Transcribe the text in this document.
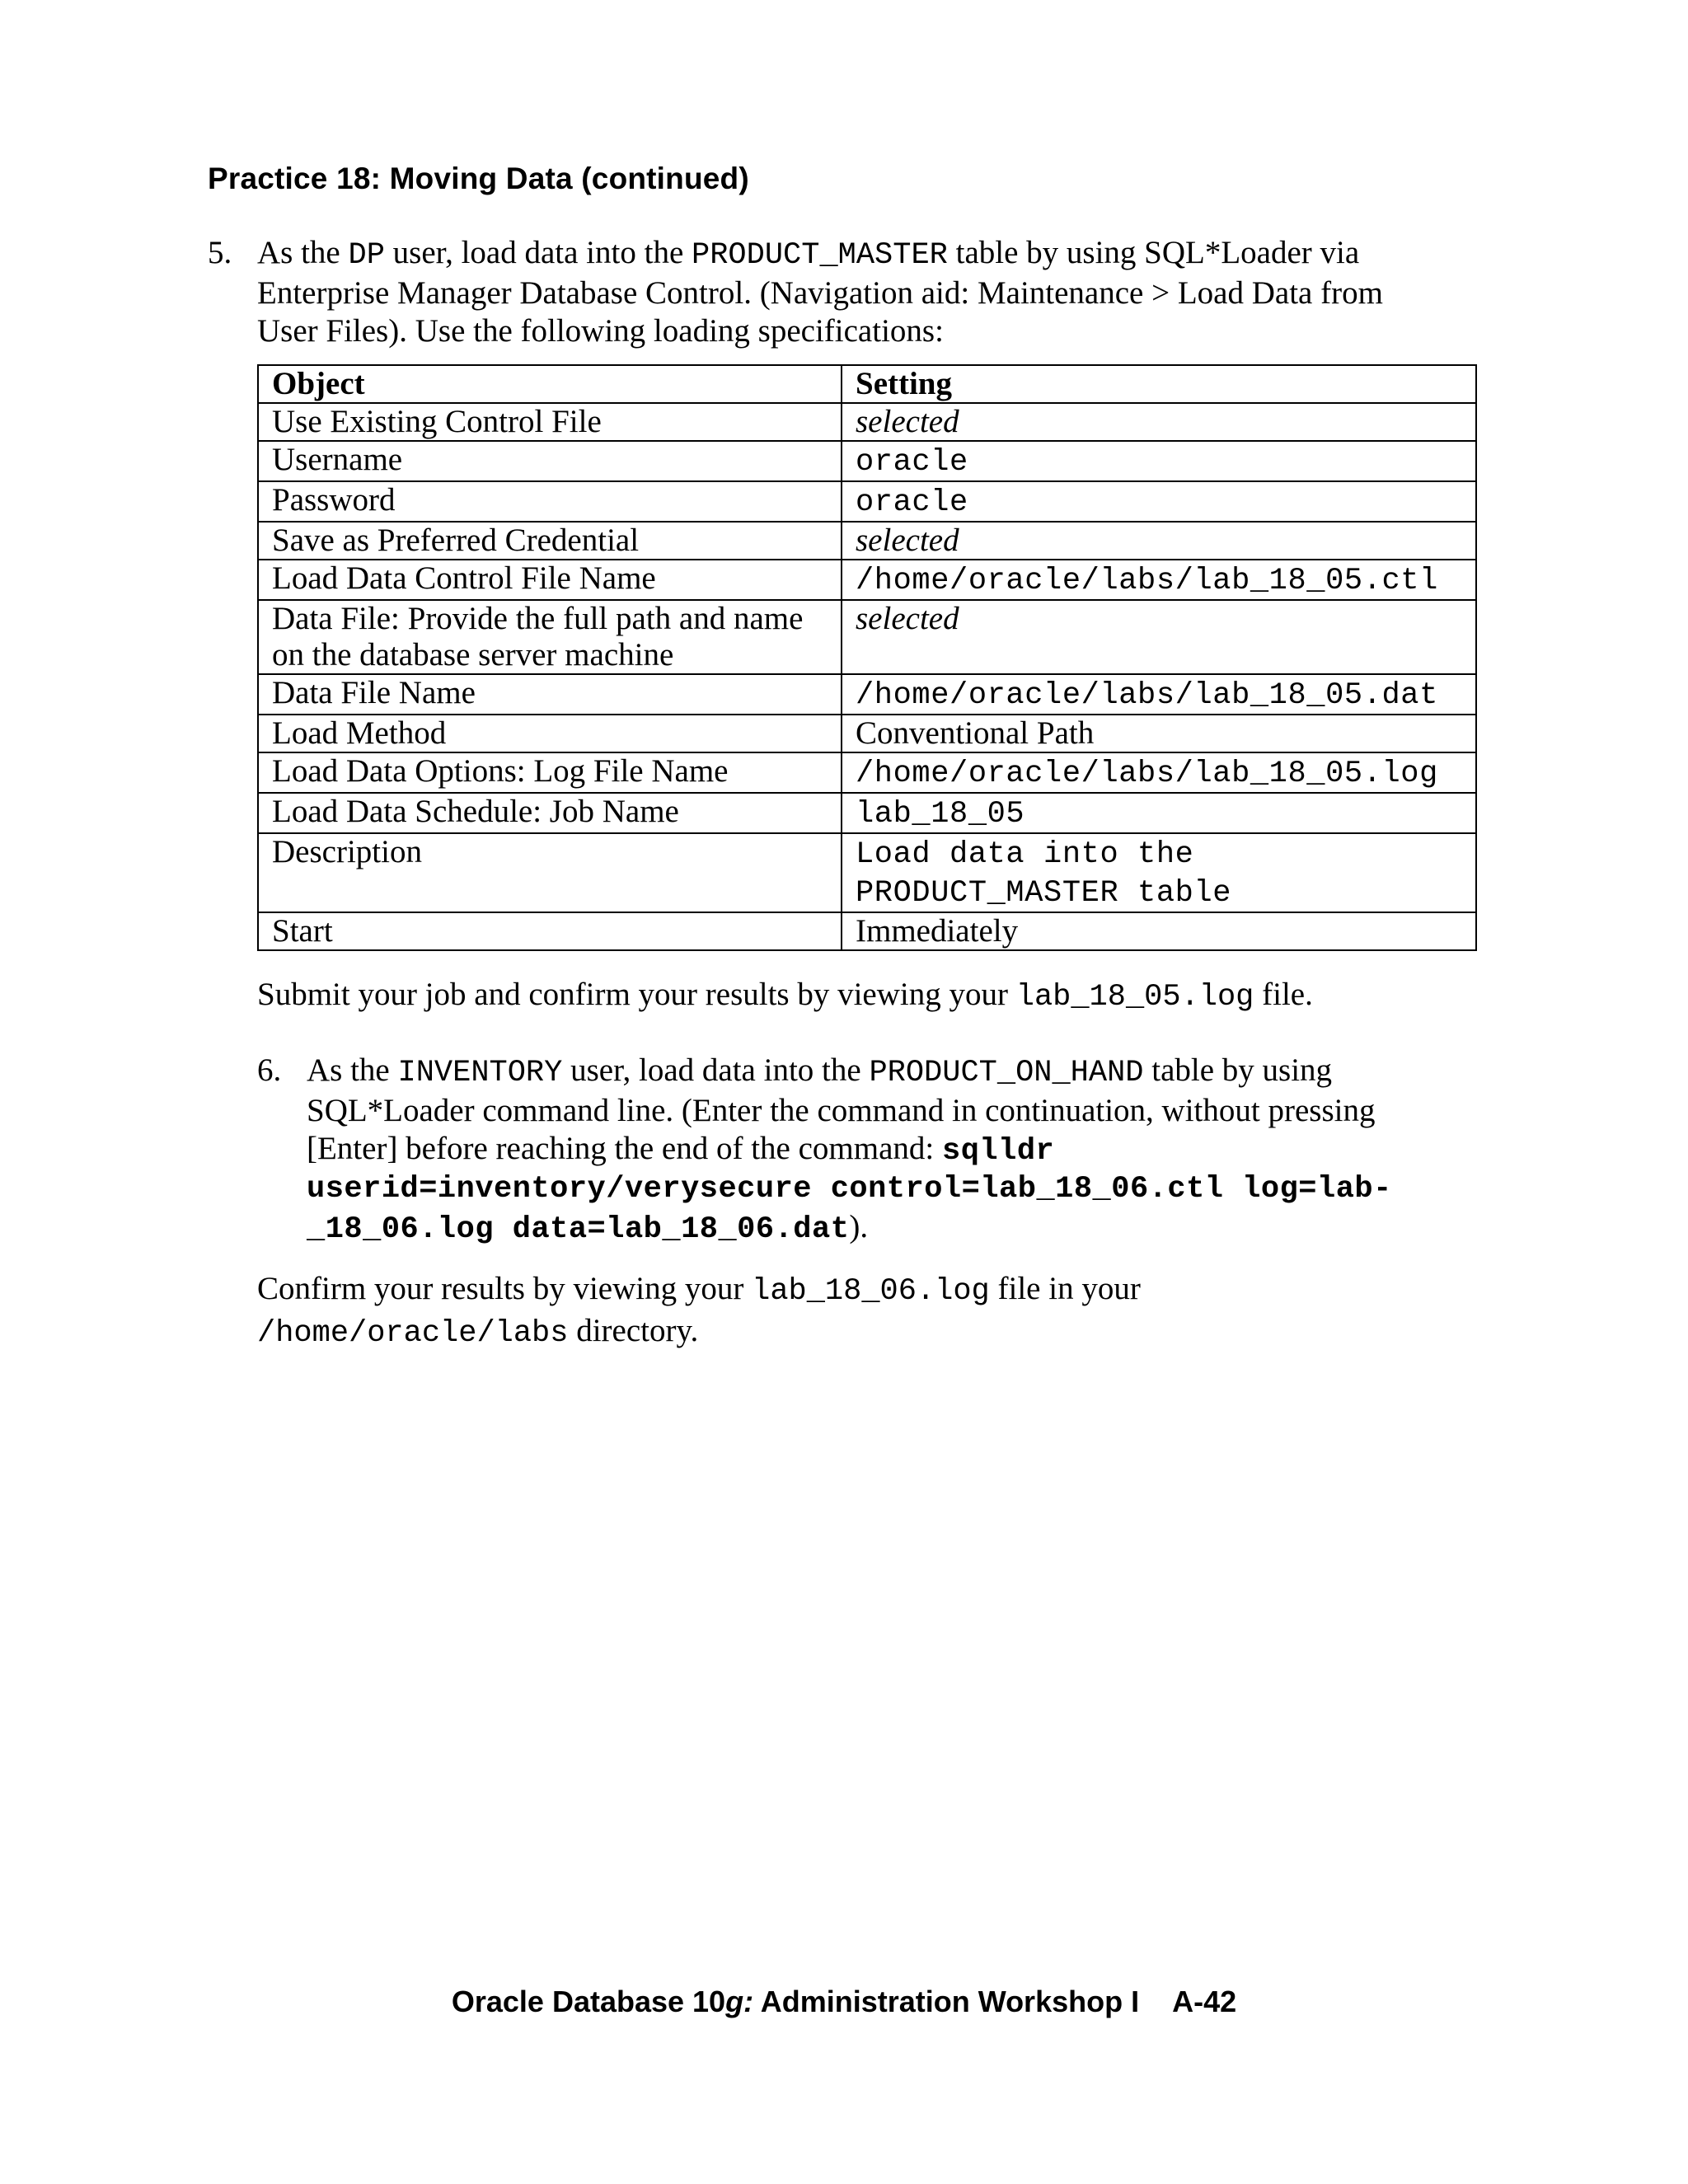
Practice 18: Moving Data (continued)
5. As the DP user, load data into the PRODUCT_MASTER table by using SQL*Loader via
Enterprise Manager Database Control. (Navigation aid: Maintenance > Load Data from
User Files). Use the following loading specifications:
Object	Setting
Use Existing Control File	selected
Username	oracle
Password	oracle
Save as Preferred Credential	selected
Load Data Control File Name	/home/oracle/labs/lab_18_05.ctl
Data File: Provide the full path and name
on the database server machine	selected
Data File Name	/home/oracle/labs/lab_18_05.dat
Load Method	Conventional Path
Load Data Options: Log File Name	/home/oracle/labs/lab_18_05.log
Load Data Schedule: Job Name	lab_18_05
Description	Load data into the
PRODUCT_MASTER table
Start	Immediately
Submit your job and confirm your results by viewing your lab_18_05.log file.
6. As the INVENTORY user, load data into the PRODUCT_ON_HAND table by using
SQL*Loader command line. (Enter the command in continuation, without pressing
[Enter] before reaching the end of the command: sqlldr
userid=inventory/verysecure control=lab_18_06.ctl log=lab-
_18_06.log data=lab_18_06.dat).
Confirm your results by viewing your lab_18_06.log file in your
/home/oracle/labs directory.
Oracle Database 10g: Administration Workshop I A-42
